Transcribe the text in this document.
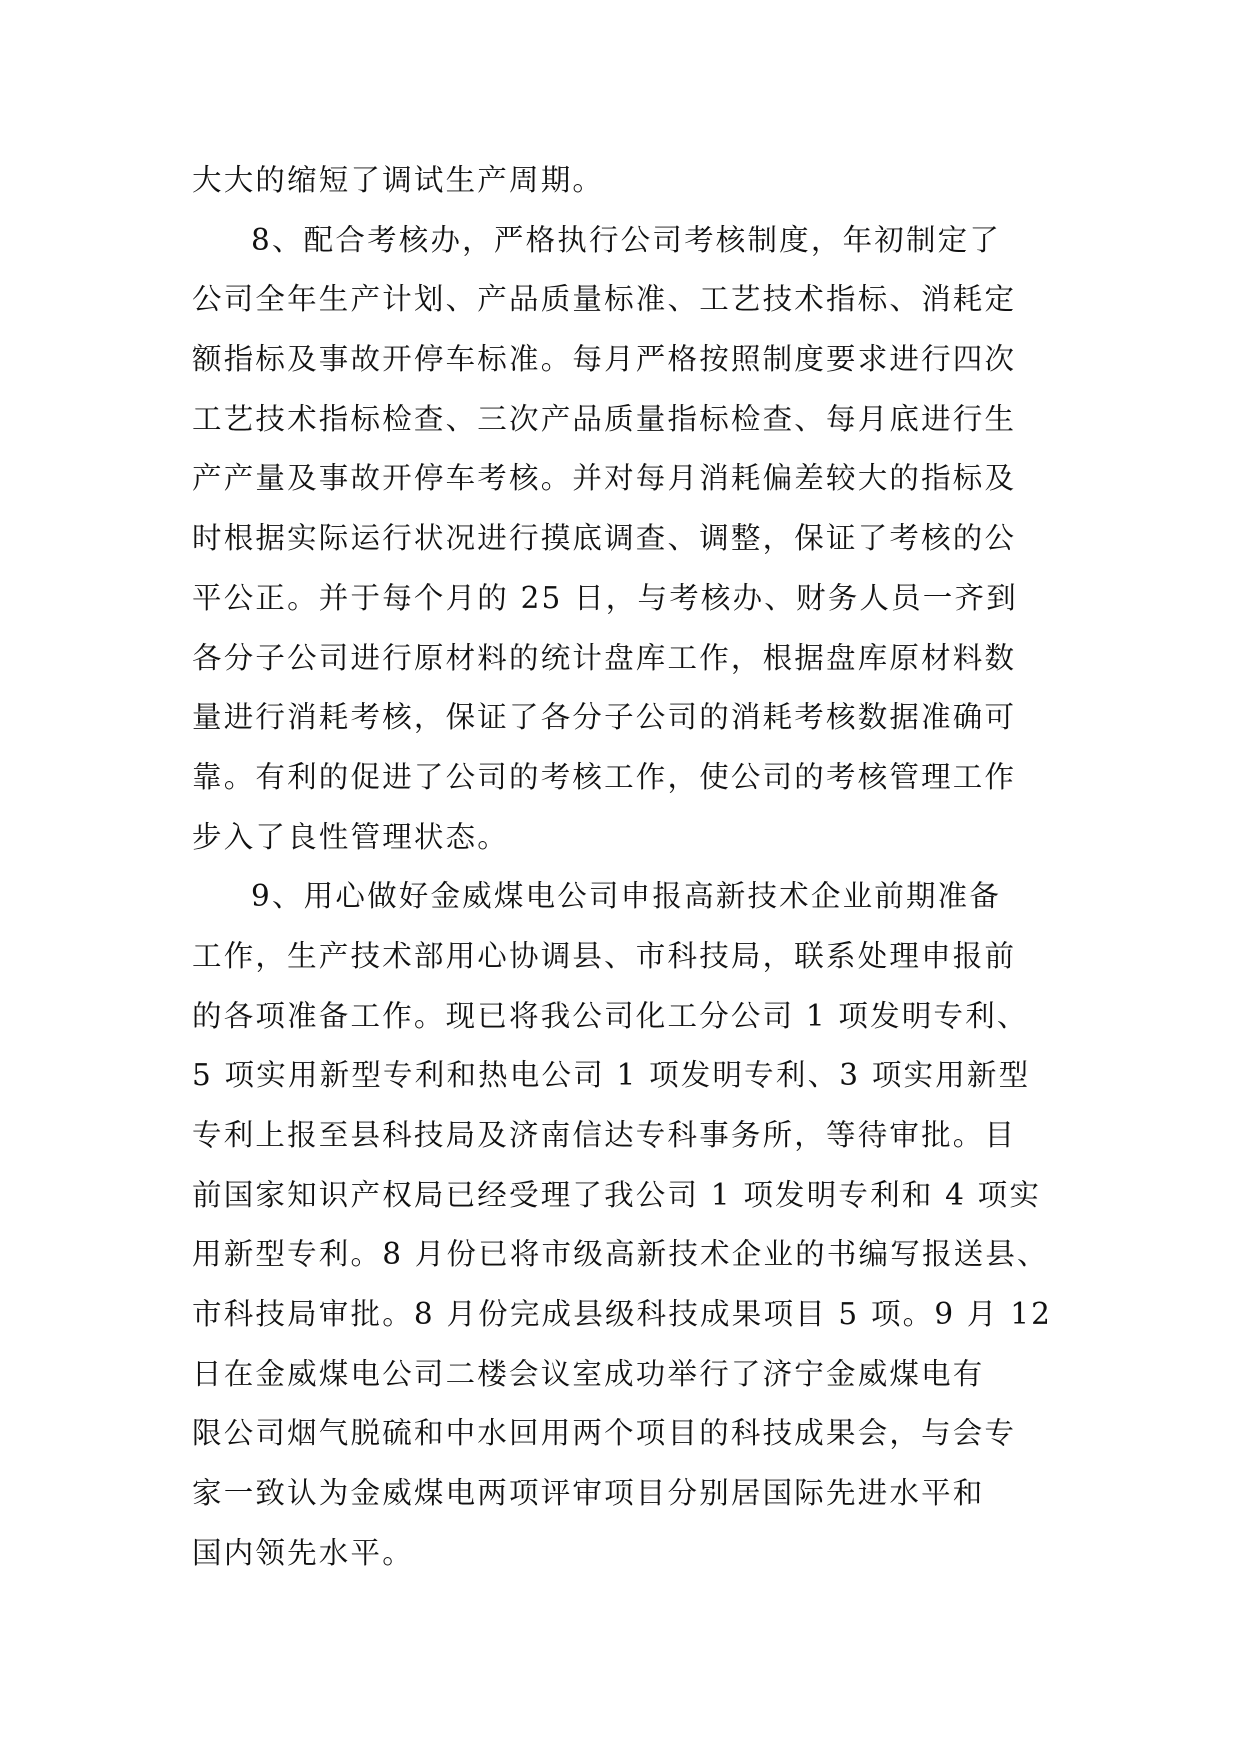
大大的缩短了调试生产周期。
8、配合考核办，严格执行公司考核制度，年初制定了
公司全年生产计划、产品质量标准、工艺技术指标、消耗定
额指标及事故开停车标准。每月严格按照制度要求进行四次
工艺技术指标检查、三次产品质量指标检查、每月底进行生
产产量及事故开停车考核。并对每月消耗偏差较大的指标及
时根据实际运行状况进行摸底调查、调整，保证了考核的公
平公正。并于每个月的 25 日，与考核办、财务人员一齐到
各分子公司进行原材料的统计盘库工作，根据盘库原材料数
量进行消耗考核，保证了各分子公司的消耗考核数据准确可
靠。有利的促进了公司的考核工作，使公司的考核管理工作
步入了良性管理状态。
9、用心做好金威煤电公司申报高新技术企业前期准备
工作，生产技术部用心协调县、市科技局，联系处理申报前
的各项准备工作。现已将我公司化工分公司 1 项发明专利、
5 项实用新型专利和热电公司 1 项发明专利、3 项实用新型
专利上报至县科技局及济南信达专科事务所，等待审批。目
前国家知识产权局已经受理了我公司 1 项发明专利和 4 项实
用新型专利。8 月份已将市级高新技术企业的书编写报送县、
市科技局审批。8 月份完成县级科技成果项目 5 项。9 月 12
日在金威煤电公司二楼会议室成功举行了济宁金威煤电有
限公司烟气脱硫和中水回用两个项目的科技成果会，与会专
家一致认为金威煤电两项评审项目分别居国际先进水平和
国内领先水平。
